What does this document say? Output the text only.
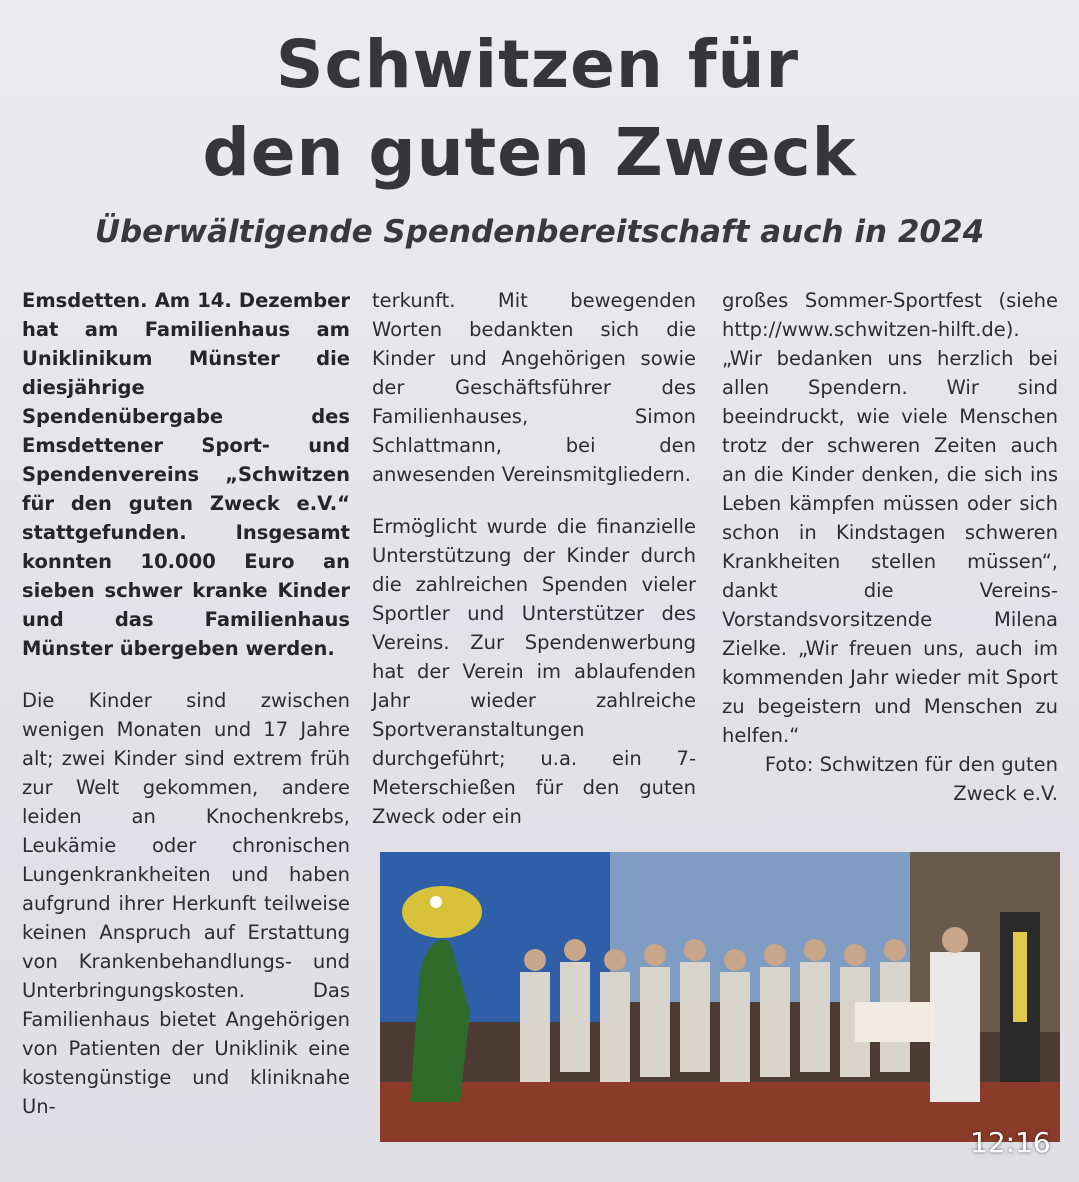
Schwitzen für
den guten Zweck
Überwältigende Spendenbereitschaft auch in 2024

Emsdetten. Am 14. Dezember hat am Familienhaus am Uniklinikum Münster die diesjährige Spendenübergabe des Emsdettener Sport- und Spendenvereins „Schwitzen für den guten Zweck e.V.“ stattgefunden. Insgesamt konnten 10.000 Euro an sieben schwer kranke Kinder und das Familienhaus Münster übergeben werden.

Die Kinder sind zwischen wenigen Monaten und 17 Jahre alt; zwei Kinder sind extrem früh zur Welt gekommen, andere leiden an Knochenkrebs, Leukämie oder chronischen Lungenkrankheiten und haben aufgrund ihrer Herkunft teilweise keinen Anspruch auf Erstattung von Krankenbehandlungs- und Unterbringungskosten. Das Familienhaus bietet Angehörigen von Patienten der Uniklinik eine kostengünstige und kliniknahe Un-

terkunft. Mit bewegenden Worten bedankten sich die Kinder und Angehörigen sowie der Geschäftsführer des Familienhauses, Simon Schlattmann, bei den anwesenden Vereinsmitgliedern.

Ermöglicht wurde die finanzielle Unterstützung der Kinder durch die zahlreichen Spenden vieler Sportler und Unterstützer des Vereins. Zur Spendenwerbung hat der Verein im ablaufenden Jahr wieder zahlreiche Sportveranstaltungen durchgeführt; u.a. ein 7-Meterschießen für den guten Zweck oder ein

großes Sommer-Sportfest (siehe http://www.schwitzen-hilft.de). „Wir bedanken uns herzlich bei allen Spendern. Wir sind beeindruckt, wie viele Menschen trotz der schweren Zeiten auch an die Kinder denken, die sich ins Leben kämpfen müssen oder sich schon in Kindstagen schweren Krankheiten stellen müssen“, dankt die Vereins-Vorstandsvorsitzende Milena Zielke. „Wir freuen uns, auch im kommenden Jahr wieder mit Sport zu begeistern und Menschen zu helfen.“

Foto: Schwitzen für den guten Zweck e.V.

12:16
